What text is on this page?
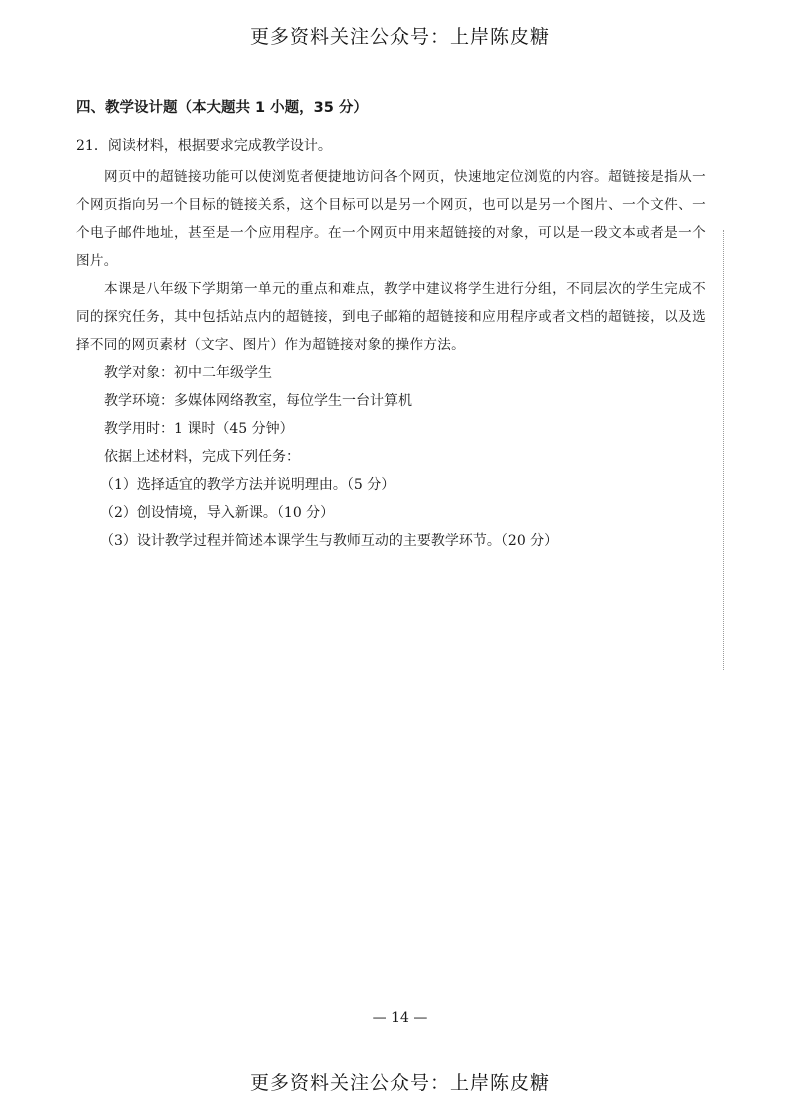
更多资料关注公众号：上岸陈皮糖
四、教学设计题（本大题共 1 小题，35 分）
21．阅读材料，根据要求完成教学设计。

网页中的超链接功能可以使浏览者便捷地访问各个网页，快速地定位浏览的内容。超链接是指从一个网页指向另一个目标的链接关系，这个目标可以是另一个网页，也可以是另一个图片、一个文件、一个电子邮件地址，甚至是一个应用程序。在一个网页中用来超链接的对象，可以是一段文本或者是一个图片。

本课是八年级下学期第一单元的重点和难点，教学中建议将学生进行分组，不同层次的学生完成不同的探究任务，其中包括站点内的超链接，到电子邮箱的超链接和应用程序或者文档的超链接，以及选择不同的网页素材（文字、图片）作为超链接对象的操作方法。

教学对象：初中二年级学生
教学环境：多媒体网络教室，每位学生一台计算机
教学用时：1 课时（45 分钟）
依据上述材料，完成下列任务：
（1）选择适宜的教学方法并说明理由。（5 分）
（2）创设情境，导入新课。（10 分）
（3）设计教学过程并简述本课学生与教师互动的主要教学环节。（20 分）
— 14 —
更多资料关注公众号：上岸陈皮糖
